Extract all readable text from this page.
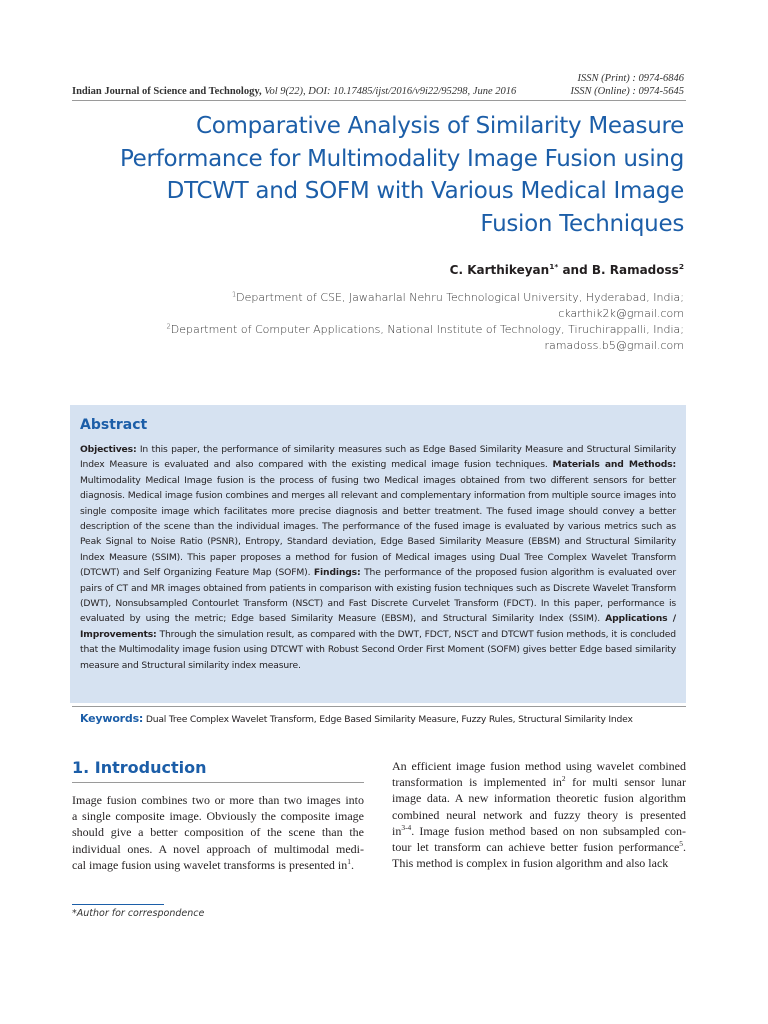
ISSN (Print) : 0974-6846
ISSN (Online) : 0974-5645
Indian Journal of Science and Technology, Vol 9(22), DOI: 10.17485/ijst/2016/v9i22/95298, June 2016
Comparative Analysis of Similarity Measure
Performance for Multimodality Image Fusion using
DTCWT and SOFM with Various Medical Image
Fusion Techniques
C. Karthikeyan$^{1*}$ and B. Ramadoss$^2$
$^1$Department of CSE, Jawaharlal Nehru Technological University, Hyderabad, India;
ckarthik2k@gmail.com
$^2$Department of Computer Applications, National Institute of Technology, Tiruchirappalli, India;
ramadoss.b5@gmail.com
Abstract
Objectives: In this paper, the performance of similarity measures such as Edge Based Similarity Measure and Structural Similarity Index Measure is evaluated and also compared with the existing medical image fusion techniques. Materials and Methods: Multimodality Medical Image fusion is the process of fusing two Medical images obtained from two different sensors for better diagnosis. Medical image fusion combines and merges all relevant and complementary information from multiple source images into single composite image which facilitates more precise diagnosis and better treatment. The fused image should convey a better description of the scene than the individual images. The performance of the fused image is evaluated by various metrics such as Peak Signal to Noise Ratio (PSNR), Entropy, Standard deviation, Edge Based Similarity Measure (EBSM) and Structural Similarity Index Measure (SSIM). This paper proposes a method for fusion of Medical images using Dual Tree Complex Wavelet Transform (DTCWT) and Self Organizing Feature Map (SOFM). Findings: The performance of the proposed fusion algorithm is evaluated over pairs of CT and MR images obtained from patients in comparison with existing fusion techniques such as Discrete Wavelet Transform (DWT), Nonsubsampled Contourlet Transform (NSCT) and Fast Discrete Curvelet Transform (FDCT). In this paper, performance is evaluated by using the metric; Edge based Similarity Measure (EBSM), and Structural Similarity Index (SSIM). Applications / Improvements: Through the simulation result, as compared with the DWT, FDCT, NSCT and DTCWT fusion methods, it is concluded that the Multimodality image fusion using DTCWT with Robust Second Order First Moment (SOFM) gives better Edge based similarity measure and Structural similarity index measure.
Keywords: Dual Tree Complex Wavelet Transform, Edge Based Similarity Measure, Fuzzy Rules, Structural Similarity Index
1. Introduction
Image fusion combines two or more than two images into
a single composite image. Obviously the composite image
should give a better composition of the scene than the
individual ones. A novel approach of multimodal medi-
cal image fusion using wavelet transforms is presented $in^1$.
An efficient image fusion method using wavelet combined
transformation is implemented $in^2$ for multi sensor lunar
image data. A new information theoretic fusion algorithm
combined neural network and fuzzy theory is presented
$in^{3-4}$. Image fusion method based on non subsampled con-
tour let transform can achieve better fusion performance$^5$.
This method is complex in fusion algorithm and also lack
*Author for correspondence
